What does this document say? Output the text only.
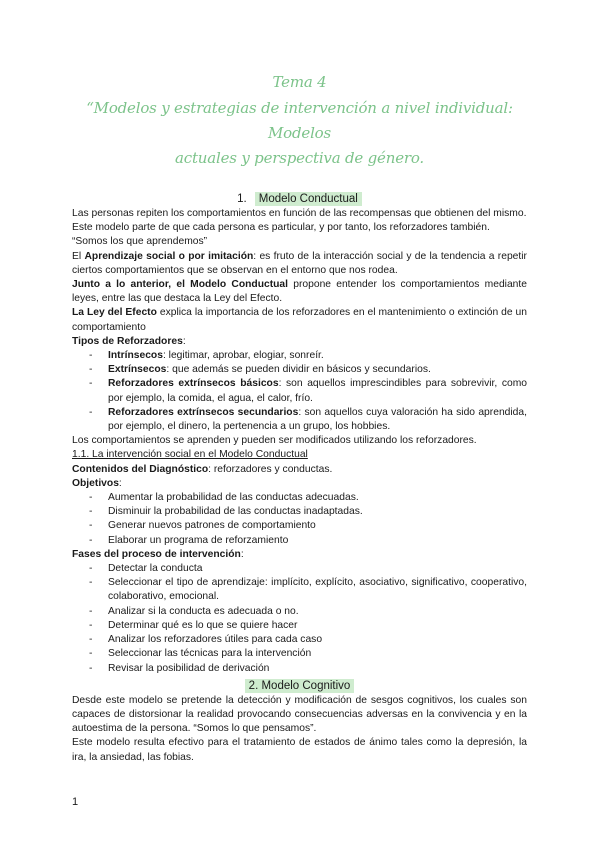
Tema 4
“Modelos y estrategias de intervención a nivel individual: Modelos
actuales y perspectiva de género.
1. Modelo Conductual

Las personas repiten los comportamientos en función de las recompensas que obtienen del mismo.

Este modelo parte de que cada persona es particular, y por tanto, los reforzadores también.

“Somos los que aprendemos”

El Aprendizaje social o por imitación: es fruto de la interacción social y de la tendencia a repetir ciertos comportamientos que se observan en el entorno que nos rodea.

Junto a lo anterior, el Modelo Conductual propone entender los comportamientos mediante leyes, entre las que destaca la Ley del Efecto.

La Ley del Efecto explica la importancia de los reforzadores en el mantenimiento o extinción de un comportamiento

Tipos de Reforzadores:

- Intrínsecos: legitimar, aprobar, elogiar, sonreír.
- Extrínsecos: que además se pueden dividir en básicos y secundarios.
- Reforzadores extrínsecos básicos: son aquellos imprescindibles para sobrevivir, como por ejemplo, la comida, el agua, el calor, frío.
- Reforzadores extrínsecos secundarios: son aquellos cuya valoración ha sido aprendida, por ejemplo, el dinero, la pertenencia a un grupo, los hobbies.

Los comportamientos se aprenden y pueden ser modificados utilizando los reforzadores.

1.1. La intervención social en el Modelo Conductual

Contenidos del Diagnóstico: reforzadores y conductas.

Objetivos:

- Aumentar la probabilidad de las conductas adecuadas.
- Disminuir la probabilidad de las conductas inadaptadas.
- Generar nuevos patrones de comportamiento
- Elaborar un programa de reforzamiento

Fases del proceso de intervención:

- Detectar la conducta
- Seleccionar el tipo de aprendizaje: implícito, explícito, asociativo, significativo, cooperativo, colaborativo, emocional.
- Analizar si la conducta es adecuada o no.
- Determinar qué es lo que se quiere hacer
- Analizar los reforzadores útiles para cada caso
- Seleccionar las técnicas para la intervención
- Revisar la posibilidad de derivación
2. Modelo Cognitivo

Desde este modelo se pretende la detección y modificación de sesgos cognitivos, los cuales son capaces de distorsionar la realidad provocando consecuencias adversas en la convivencia y en la autoestima de la persona. “Somos lo que pensamos”.

Este modelo resulta efectivo para el tratamiento de estados de ánimo tales como la depresión, la ira, la ansiedad, las fobias.

1
